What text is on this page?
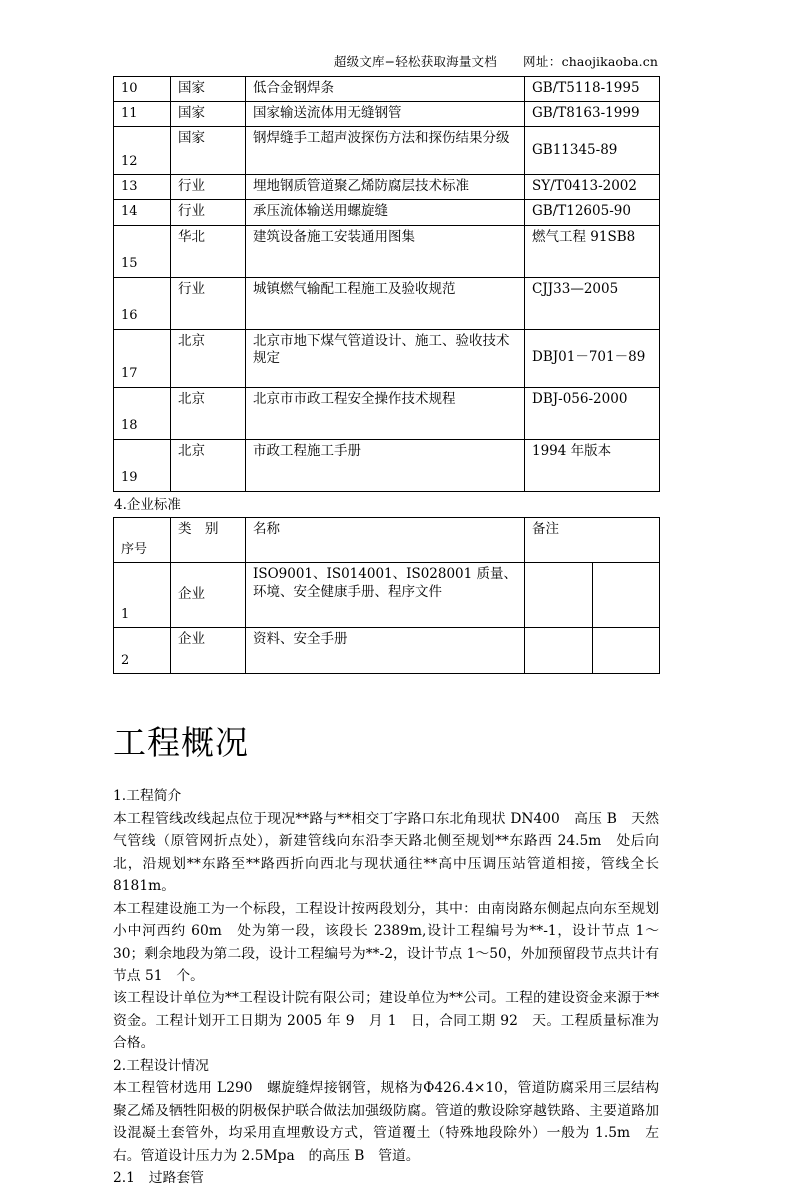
超级文库−轻松获取海量文档 网址：chaojikaoba.cn
10	国家	低合金钢焊条	GB/T5118-1995
11	国家	国家输送流体用无缝钢管	GB/T8163-1999
12	国家	钢焊缝手工超声波探伤方法和探伤结果分级	GB11345-89
13	行业	埋地钢质管道聚乙烯防腐层技术标准	SY/T0413-2002
14	行业	承压流体输送用螺旋缝	GB/T12605-90
15	华北	建筑设备施工安装通用图集	燃气工程 91SB8
16	行业	城镇燃气输配工程施工及验收规范	CJJ33—2005
17	北京	北京市地下煤气管道设计、施工、验收技术规定	DBJ01－701－89
18	北京	北京市市政工程安全操作技术规程	DBJ-056-2000
19	北京	市政工程施工手册	1994 年版本
4.企业标准
序号	类　别	名称	备注	
1	企业	ISO9001、IS014001、IS028001 质量、环境、安全健康手册、程序文件		
2	企业	资料、安全手册		
工程概况

1.工程简介

本工程管线改线起点位于现况**路与**相交丁字路口东北角现状 DN400　高压 B　天然气管线（原管网折点处），新建管线向东沿李天路北侧至规划**东路西 24.5m　处后向北，沿规划**东路至**路西折向西北与现状通往**高中压调压站管道相接，管线全长 8181m。

本工程建设施工为一个标段，工程设计按两段划分，其中：由南岗路东侧起点向东至规划小中河西约 60m　处为第一段，该段长 2389m,设计工程编号为**-1，设计节点 1～30；剩余地段为第二段，设计工程编号为**-2，设计节点 1～50，外加预留段节点共计有节点 51　个。

该工程设计单位为**工程设计院有限公司；建设单位为**公司。工程的建设资金来源于**资金。工程计划开工日期为 2005 年 9　月 1　日，合同工期 92　天。工程质量标准为合格。

2.工程设计情况

本工程管材选用 L290　螺旋缝焊接钢管，规格为Φ426.4×10，管道防腐采用三层结构聚乙烯及牺牲阳极的阴极保护联合做法加强级防腐。管道的敷设除穿越铁路、主要道路加设混凝土套管外，均采用直埋敷设方式，管道覆土（特殊地段除外）一般为 1.5m　左右。管道设计压力为 2.5Mpa　的高压 B　管道。

2.1　过路套管
